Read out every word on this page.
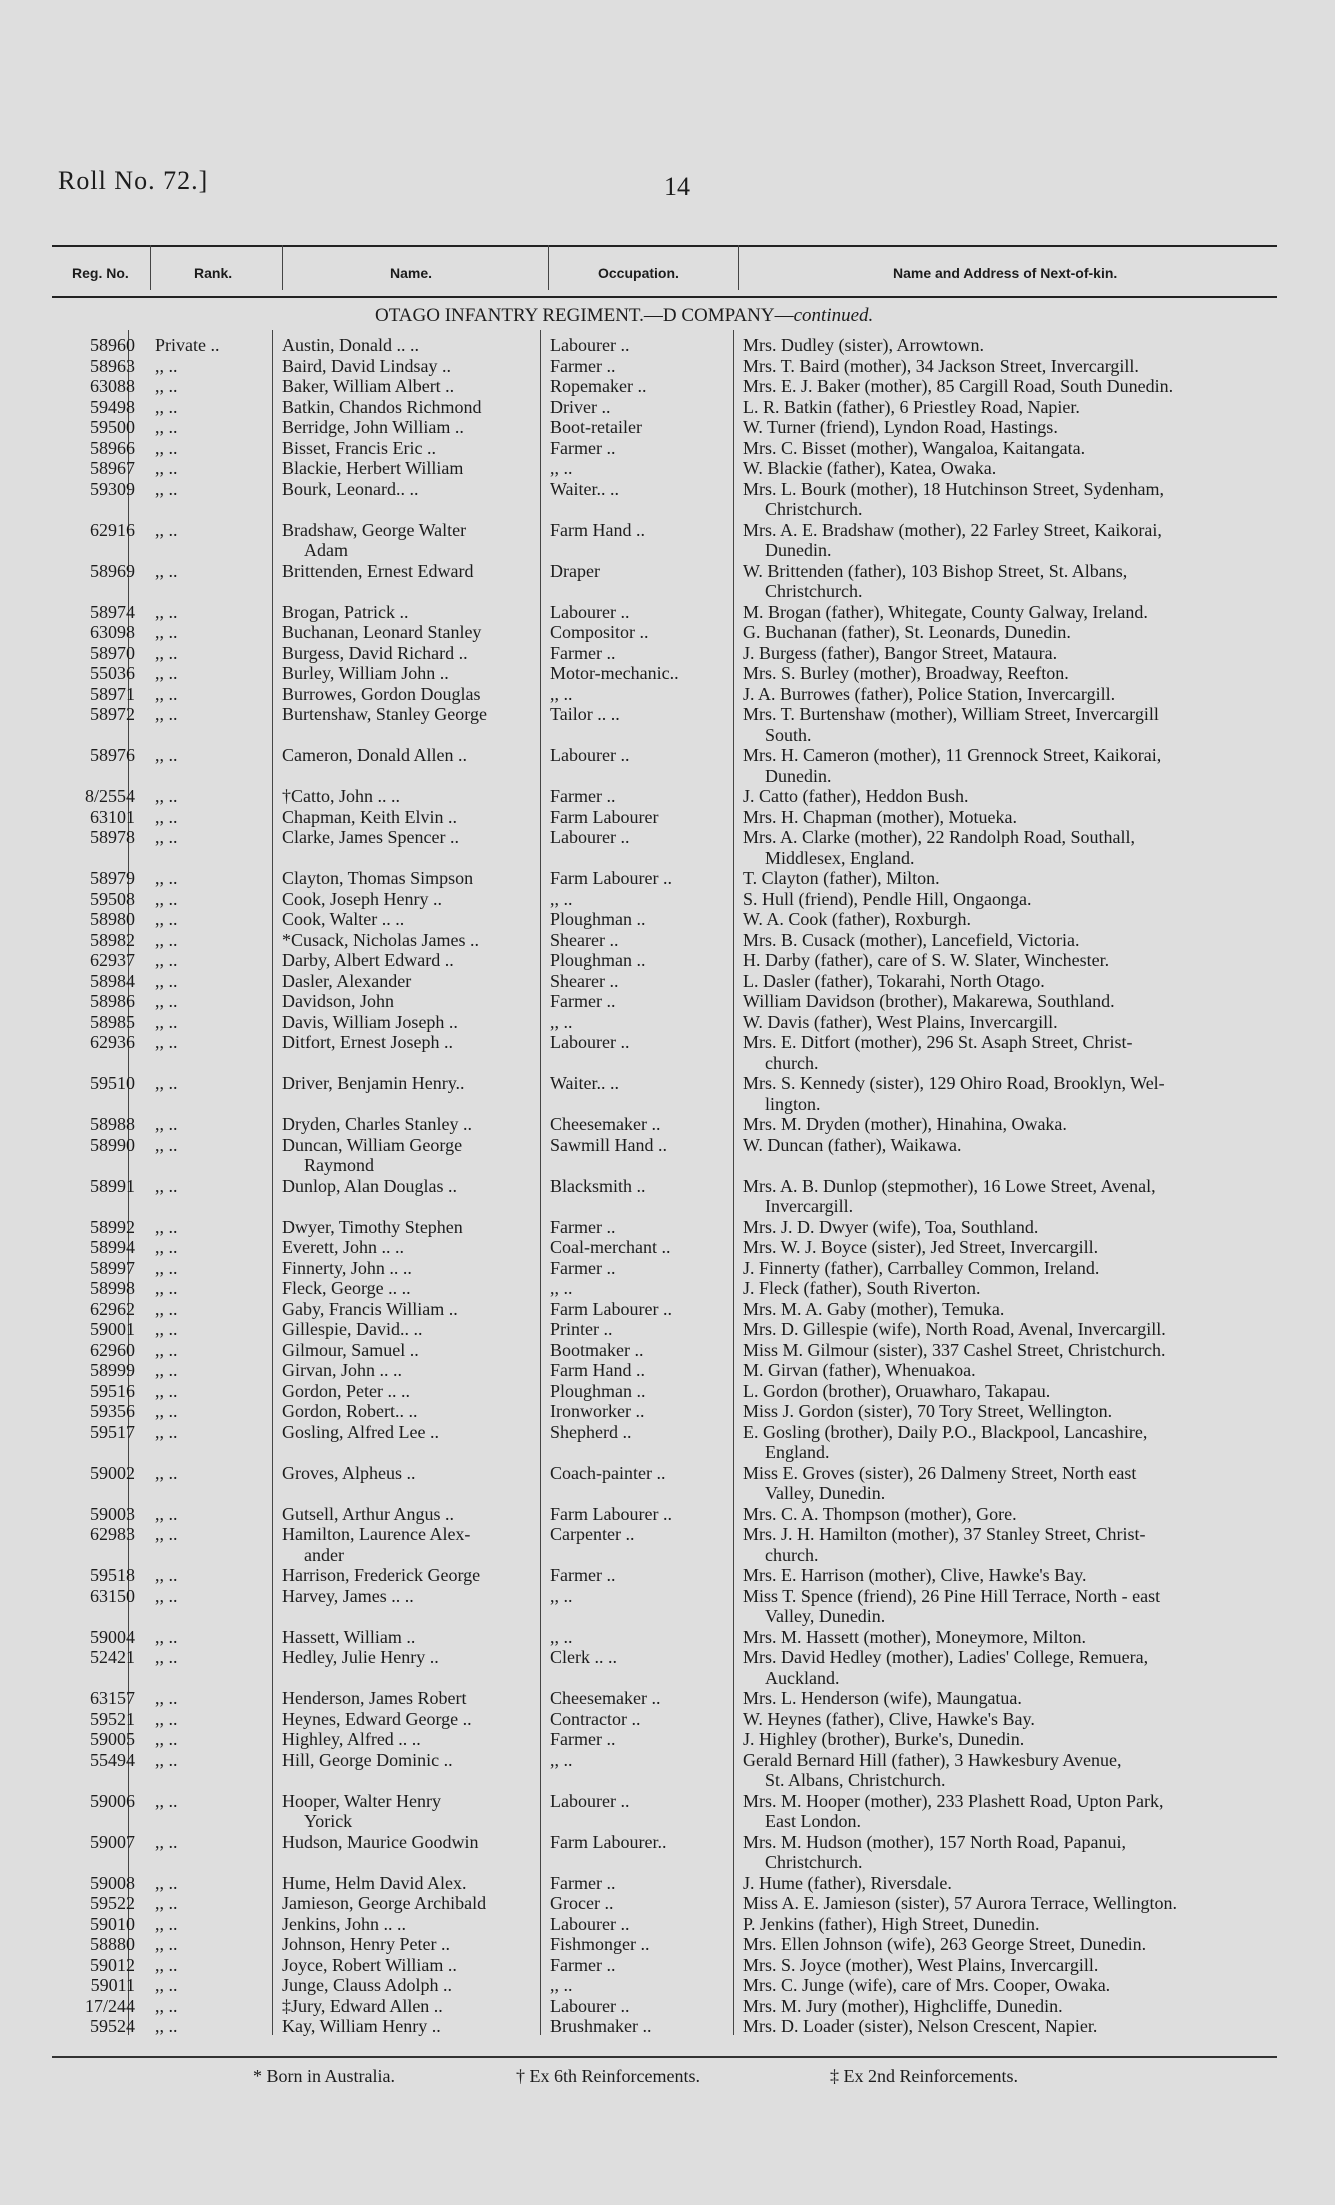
Roll No. 72.]	14
Reg. No.	Rank.	Name.	Occupation.	Name and Address of Next-of-kin.
OTAGO INFANTRY REGIMENT.—D COMPANY—continued.
58960 Private ..	Austin, Donald .. ..	Labourer ..	Mrs. Dudley (sister), Arrowtown.
58963 ,, ..	Baird, David Lindsay ..	Farmer ..	Mrs. T. Baird (mother), 34 Jackson Street, Invercargill.
63088 ,, ..	Baker, William Albert ..	Ropemaker ..	Mrs. E. J. Baker (mother), 85 Cargill Road, South Dunedin.
59498 ,, ..	Batkin, Chandos Richmond	Driver ..	L. R. Batkin (father), 6 Priestley Road, Napier.
59500 ,, ..	Berridge, John William ..	Boot-retailer	W. Turner (friend), Lyndon Road, Hastings.
58966 ,, ..	Bisset, Francis Eric ..	Farmer ..	Mrs. C. Bisset (mother), Wangaloa, Kaitangata.
58967 ,, ..	Blackie, Herbert William	,, ..	W. Blackie (father), Katea, Owaka.
59309 ,, ..	Bourk, Leonard.. ..	Waiter.. ..	Mrs. L. Bourk (mother), 18 Hutchinson Street, Sydenham,
Christchurch.
62916 ,, ..	Bradshaw, George Walter	Farm Hand ..	Mrs. A. E. Bradshaw (mother), 22 Farley Street, Kaikorai,
Adam	Dunedin.
58969 ,, ..	Brittenden, Ernest Edward	Draper	W. Brittenden (father), 103 Bishop Street, St. Albans,
Christchurch.
58974 ,, ..	Brogan, Patrick ..	Labourer ..	M. Brogan (father), Whitegate, County Galway, Ireland.
63098 ,, ..	Buchanan, Leonard Stanley	Compositor ..	G. Buchanan (father), St. Leonards, Dunedin.
58970 ,, ..	Burgess, David Richard ..	Farmer ..	J. Burgess (father), Bangor Street, Mataura.
55036 ,, ..	Burley, William John ..	Motor-mechanic..	Mrs. S. Burley (mother), Broadway, Reefton.
58971 ,, ..	Burrowes, Gordon Douglas	,, ..	J. A. Burrowes (father), Police Station, Invercargill.
58972 ,, ..	Burtenshaw, Stanley George	Tailor .. ..	Mrs. T. Burtenshaw (mother), William Street, Invercargill
South.
58976 ,, ..	Cameron, Donald Allen ..	Labourer ..	Mrs. H. Cameron (mother), 11 Grennock Street, Kaikorai,
Dunedin.
8/2554 ,, ..	†Catto, John .. ..	Farmer ..	J. Catto (father), Heddon Bush.
63101 ,, ..	Chapman, Keith Elvin ..	Farm Labourer	Mrs. H. Chapman (mother), Motueka.
58978 ,, ..	Clarke, James Spencer ..	Labourer ..	Mrs. A. Clarke (mother), 22 Randolph Road, Southall,
Middlesex, England.
58979 ,, ..	Clayton, Thomas Simpson	Farm Labourer ..	T. Clayton (father), Milton.
59508 ,, ..	Cook, Joseph Henry ..	,, ..	S. Hull (friend), Pendle Hill, Ongaonga.
58980 ,, ..	Cook, Walter .. ..	Ploughman ..	W. A. Cook (father), Roxburgh.
58982 ,, ..	*Cusack, Nicholas James ..	Shearer ..	Mrs. B. Cusack (mother), Lancefield, Victoria.
62937 ,, ..	Darby, Albert Edward ..	Ploughman ..	H. Darby (father), care of S. W. Slater, Winchester.
58984 ,, ..	Dasler, Alexander	Shearer ..	L. Dasler (father), Tokarahi, North Otago.
58986 ,, ..	Davidson, John	Farmer ..	William Davidson (brother), Makarewa, Southland.
58985 ,, ..	Davis, William Joseph ..	,, ..	W. Davis (father), West Plains, Invercargill.
62936 ,, ..	Ditfort, Ernest Joseph ..	Labourer ..	Mrs. E. Ditfort (mother), 296 St. Asaph Street, Christ-
church.
59510 ,, ..	Driver, Benjamin Henry..	Waiter.. ..	Mrs. S. Kennedy (sister), 129 Ohiro Road, Brooklyn, Wel-
lington.
58988 ,, ..	Dryden, Charles Stanley ..	Cheesemaker ..	Mrs. M. Dryden (mother), Hinahina, Owaka.
58990 ,, ..	Duncan, William George	Sawmill Hand ..	W. Duncan (father), Waikawa.
Raymond
58991 ,, ..	Dunlop, Alan Douglas ..	Blacksmith ..	Mrs. A. B. Dunlop (stepmother), 16 Lowe Street, Avenal,
Invercargill.
58992 ,, ..	Dwyer, Timothy Stephen	Farmer ..	Mrs. J. D. Dwyer (wife), Toa, Southland.
58994 ,, ..	Everett, John .. ..	Coal-merchant ..	Mrs. W. J. Boyce (sister), Jed Street, Invercargill.
58997 ,, ..	Finnerty, John .. ..	Farmer ..	J. Finnerty (father), Carrballey Common, Ireland.
58998 ,, ..	Fleck, George .. ..	,, ..	J. Fleck (father), South Riverton.
62962 ,, ..	Gaby, Francis William ..	Farm Labourer ..	Mrs. M. A. Gaby (mother), Temuka.
59001 ,, ..	Gillespie, David.. ..	Printer ..	Mrs. D. Gillespie (wife), North Road, Avenal, Invercargill.
62960 ,, ..	Gilmour, Samuel ..	Bootmaker ..	Miss M. Gilmour (sister), 337 Cashel Street, Christchurch.
58999 ,, ..	Girvan, John .. ..	Farm Hand ..	M. Girvan (father), Whenuakoa.
59516 ,, ..	Gordon, Peter .. ..	Ploughman ..	L. Gordon (brother), Oruawharo, Takapau.
59356 ,, ..	Gordon, Robert.. ..	Ironworker ..	Miss J. Gordon (sister), 70 Tory Street, Wellington.
59517 ,, ..	Gosling, Alfred Lee ..	Shepherd ..	E. Gosling (brother), Daily P.O., Blackpool, Lancashire,
England.
59002 ,, ..	Groves, Alpheus ..	Coach-painter ..	Miss E. Groves (sister), 26 Dalmeny Street, North east
Valley, Dunedin.
59003 ,, ..	Gutsell, Arthur Angus ..	Farm Labourer ..	Mrs. C. A. Thompson (mother), Gore.
62983 ,, ..	Hamilton, Laurence Alex-	Carpenter ..	Mrs. J. H. Hamilton (mother), 37 Stanley Street, Christ-
ander	church.
59518 ,, ..	Harrison, Frederick George	Farmer ..	Mrs. E. Harrison (mother), Clive, Hawke's Bay.
63150 ,, ..	Harvey, James .. ..	,, ..	Miss T. Spence (friend), 26 Pine Hill Terrace, North - east
Valley, Dunedin.
59004 ,, ..	Hassett, William ..	,, ..	Mrs. M. Hassett (mother), Moneymore, Milton.
52421 ,, ..	Hedley, Julie Henry ..	Clerk .. ..	Mrs. David Hedley (mother), Ladies' College, Remuera,
Auckland.
63157 ,, ..	Henderson, James Robert	Cheesemaker ..	Mrs. L. Henderson (wife), Maungatua.
59521 ,, ..	Heynes, Edward George ..	Contractor ..	W. Heynes (father), Clive, Hawke's Bay.
59005 ,, ..	Highley, Alfred .. ..	Farmer ..	J. Highley (brother), Burke's, Dunedin.
55494 ,, ..	Hill, George Dominic ..	,, ..	Gerald Bernard Hill (father), 3 Hawkesbury Avenue,
St. Albans, Christchurch.
59006 ,, ..	Hooper, Walter Henry	Labourer ..	Mrs. M. Hooper (mother), 233 Plashett Road, Upton Park,
Yorick	East London.
59007 ,, ..	Hudson, Maurice Goodwin	Farm Labourer..	Mrs. M. Hudson (mother), 157 North Road, Papanui,
Christchurch.
59008 ,, ..	Hume, Helm David Alex.	Farmer ..	J. Hume (father), Riversdale.
59522 ,, ..	Jamieson, George Archibald	Grocer ..	Miss A. E. Jamieson (sister), 57 Aurora Terrace, Wellington.
59010 ,, ..	Jenkins, John .. ..	Labourer ..	P. Jenkins (father), High Street, Dunedin.
58880 ,, ..	Johnson, Henry Peter ..	Fishmonger ..	Mrs. Ellen Johnson (wife), 263 George Street, Dunedin.
59012 ,, ..	Joyce, Robert William ..	Farmer ..	Mrs. S. Joyce (mother), West Plains, Invercargill.
59011 ,, ..	Junge, Clauss Adolph ..	,, ..	Mrs. C. Junge (wife), care of Mrs. Cooper, Owaka.
17/244 ,, ..	‡Jury, Edward Allen ..	Labourer ..	Mrs. M. Jury (mother), Highcliffe, Dunedin.
59524 ,, ..	Kay, William Henry ..	Brushmaker ..	Mrs. D. Loader (sister), Nelson Crescent, Napier.
* Born in Australia.	† Ex 6th Reinforcements.	‡ Ex 2nd Reinforcements.
